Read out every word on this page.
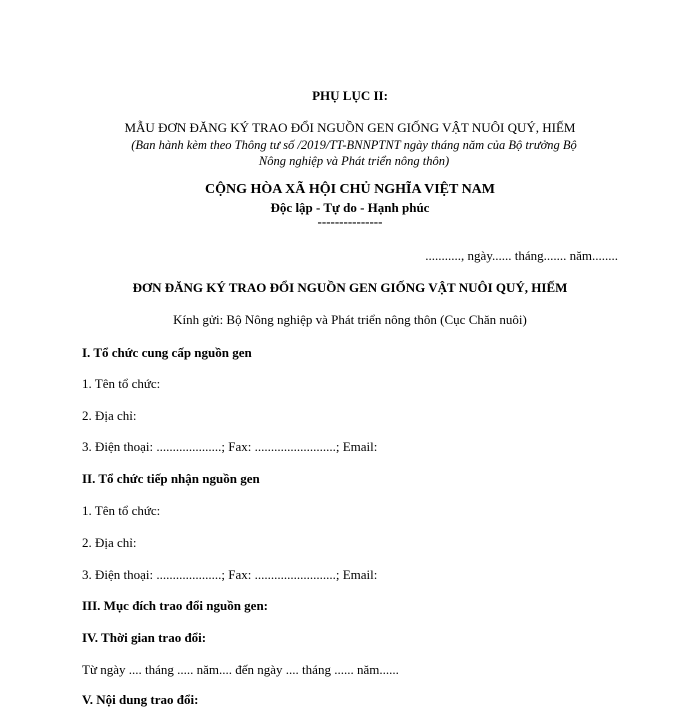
PHỤ LỤC II:
MẪU ĐƠN ĐĂNG KÝ TRAO ĐỔI NGUỒN GEN GIỐNG VẬT NUÔI QUÝ, HIẾM
(Ban hành kèm theo Thông tư số /2019/TT-BNNPTNT ngày tháng năm của Bộ trưởng Bộ
Nông nghiệp và Phát triển nông thôn)
CỘNG HÒA XÃ HỘI CHỦ NGHĨA VIỆT NAM
Độc lập - Tự do - Hạnh phúc
---------------
..........., ngày...... tháng....... năm........
ĐƠN ĐĂNG KÝ TRAO ĐỔI NGUỒN GEN GIỐNG VẬT NUÔI QUÝ, HIẾM
Kính gửi: Bộ Nông nghiệp và Phát triển nông thôn (Cục Chăn nuôi)
I. Tổ chức cung cấp nguồn gen
1. Tên tổ chức:
2. Địa chỉ:
3. Điện thoại: ....................; Fax: .........................; Email:
II. Tổ chức tiếp nhận nguồn gen
1. Tên tổ chức:
2. Địa chỉ:
3. Điện thoại: ....................; Fax: .........................; Email:
III. Mục đích trao đổi nguồn gen:
IV. Thời gian trao đổi:
Từ ngày .... tháng ..... năm.... đến ngày .... tháng ...... năm......
V. Nội dung trao đổi:
